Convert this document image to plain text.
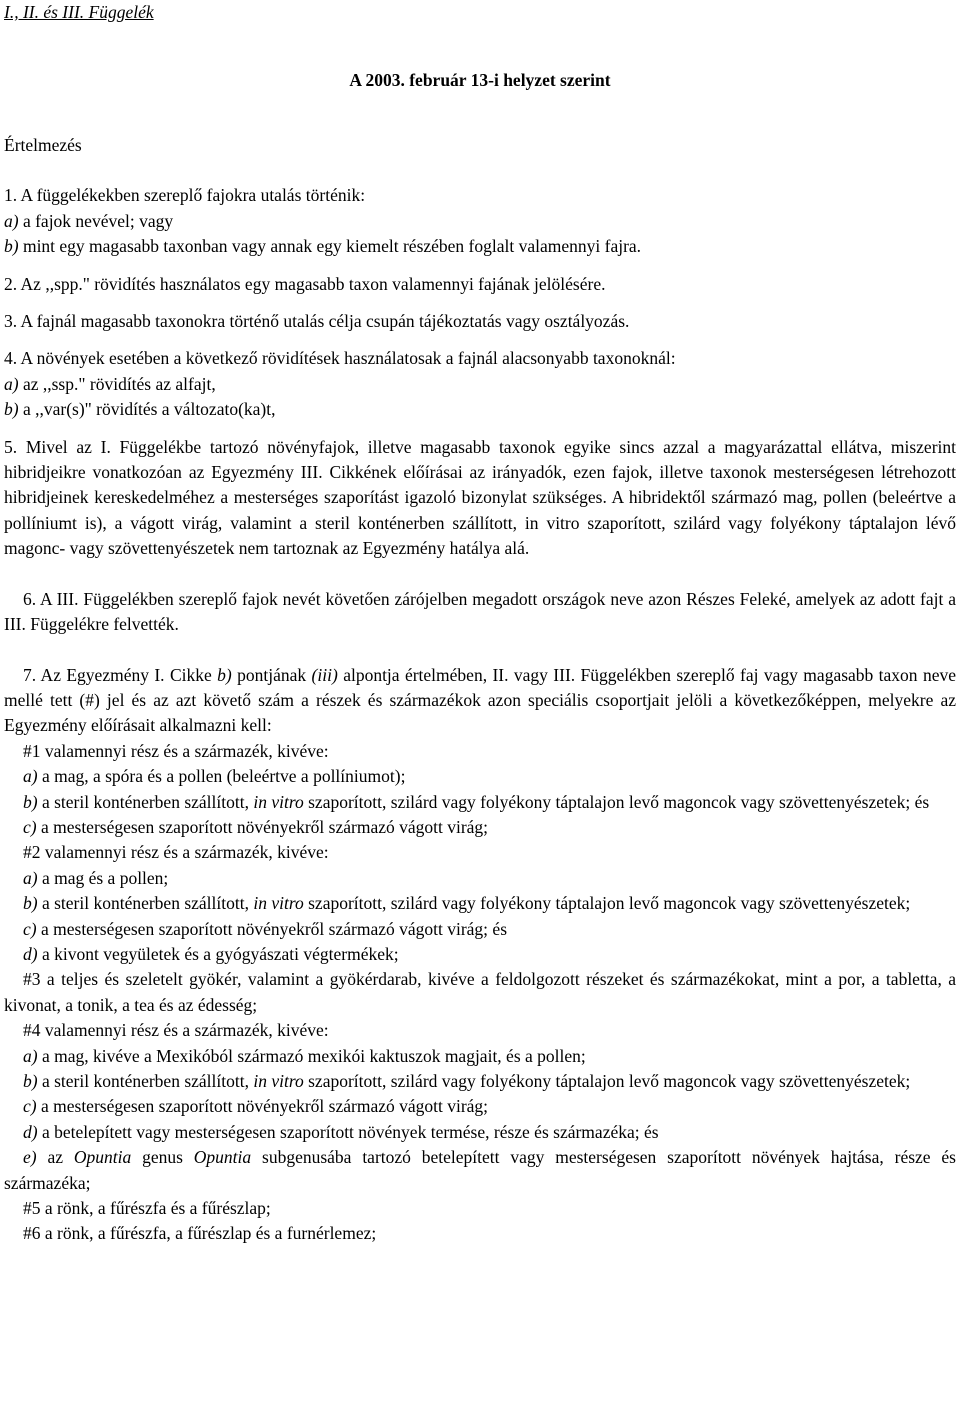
I., II. és III. Függelék
A 2003. február 13-i helyzet szerint

Értelmezés

1. A függelékekben szereplő fajokra utalás történik:

a) a fajok nevével; vagy

b) mint egy magasabb taxonban vagy annak egy kiemelt részében foglalt valamennyi fajra.

2. Az ,,spp." rövidítés használatos egy magasabb taxon valamennyi fajának jelölésére.

3. A fajnál magasabb taxonokra történő utalás célja csupán tájékoztatás vagy osztályozás.

4. A növények esetében a következő rövidítések használatosak a fajnál alacsonyabb taxonoknál:

a) az ,,ssp." rövidítés az alfajt,

b) a ,,var(s)" rövidítés a változato(ka)t,

5. Mivel az I. Függelékbe tartozó növényfajok, illetve magasabb taxonok egyike sincs azzal a magyarázattal ellátva, miszerint hibridjeikre vonatkozóan az Egyezmény III. Cikkének előírásai az irányadók, ezen fajok, illetve taxonok mesterségesen létrehozott hibridjeinek kereskedelméhez a mesterséges szaporítást igazoló bizonylat szükséges. A hibridektől származó mag, pollen (beleértve a pollíniumt is), a vágott virág, valamint a steril konténerben szállított, in vitro szaporított, szilárd vagy folyékony táptalajon lévő magonc- vagy szövettenyészetek nem tartoznak az Egyezmény hatálya alá.

6. A III. Függelékben szereplő fajok nevét követően zárójelben megadott országok neve azon Részes Feleké, amelyek az adott fajt a III. Függelékre felvették.

7. Az Egyezmény I. Cikke b) pontjának (iii) alpontja értelmében, II. vagy III. Függelékben szereplő faj vagy magasabb taxon neve mellé tett (#) jel és az azt követő szám a részek és származékok azon speciális csoportjait jelöli a következőképpen, melyekre az Egyezmény előírásait alkalmazni kell:

#1 valamennyi rész és a származék, kivéve:

a) a mag, a spóra és a pollen (beleértve a pollíniumot);

b) a steril konténerben szállított, in vitro szaporított, szilárd vagy folyékony táptalajon levő magoncok vagy szövettenyészetek; és

c) a mesterségesen szaporított növényekről származó vágott virág;

#2 valamennyi rész és a származék, kivéve:

a) a mag és a pollen;

b) a steril konténerben szállított, in vitro szaporított, szilárd vagy folyékony táptalajon levő magoncok vagy szövettenyészetek;

c) a mesterségesen szaporított növényekről származó vágott virág; és

d) a kivont vegyületek és a gyógyászati végtermékek;

#3 a teljes és szeletelt gyökér, valamint a gyökérdarab, kivéve a feldolgozott részeket és származékokat, mint a por, a tabletta, a kivonat, a tonik, a tea és az édesség;

#4 valamennyi rész és a származék, kivéve:

a) a mag, kivéve a Mexikóból származó mexikói kaktuszok magjait, és a pollen;

b) a steril konténerben szállított, in vitro szaporított, szilárd vagy folyékony táptalajon levő magoncok vagy szövettenyészetek;

c) a mesterségesen szaporított növényekről származó vágott virág;

d) a betelepített vagy mesterségesen szaporított növények termése, része és származéka; és

e) az Opuntia genus Opuntia subgenusába tartozó betelepített vagy mesterségesen szaporított növények hajtása, része és származéka;

#5 a rönk, a fűrészfa és a fűrészlap;

#6 a rönk, a fűrészfa, a fűrészlap és a furnérlemez;
